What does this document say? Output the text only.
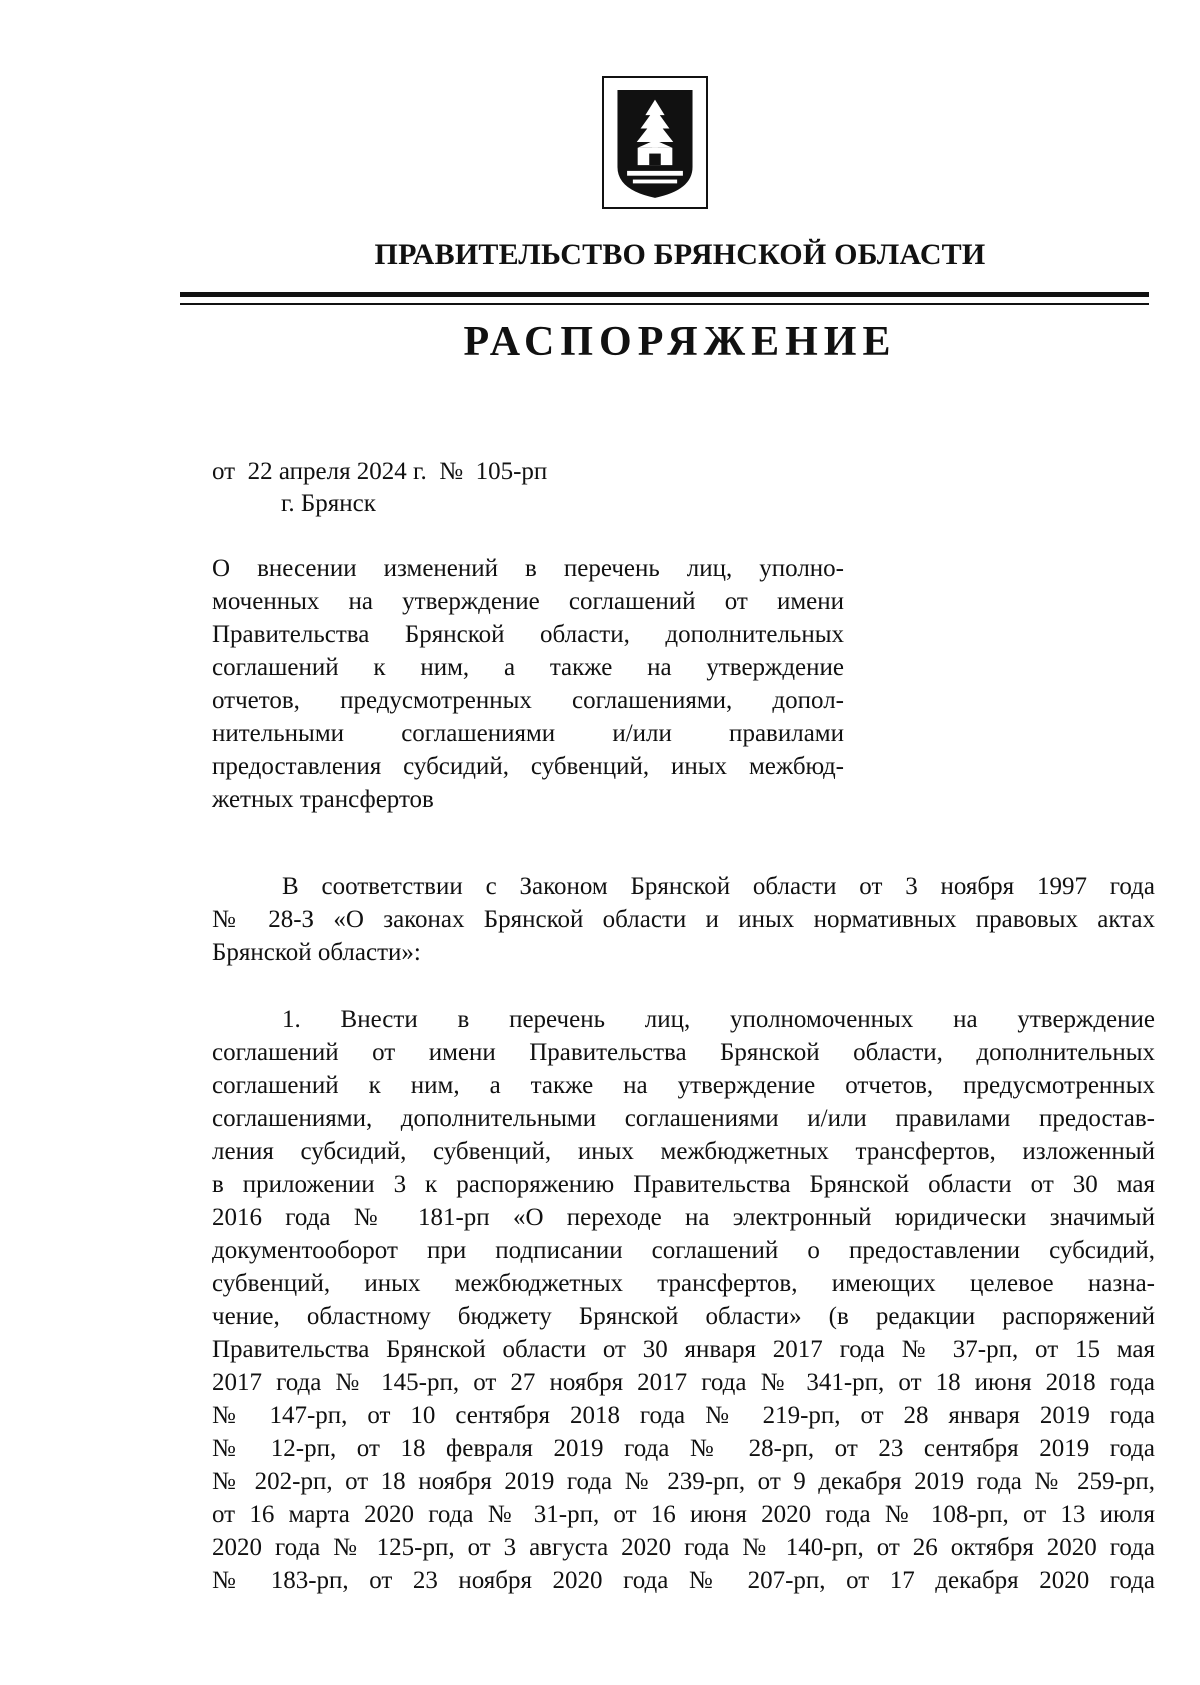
ПРАВИТЕЛЬСТВО БРЯНСКОЙ ОБЛАСТИ
РАСПОРЯЖЕНИЕ
от  22 апреля 2024 г.  №  105-рп
г. Брянск
О внесении изменений в перечень лиц, уполно-
моченных на утверждение соглашений от имени
Правительства Брянской области, дополнительных
соглашений к ним, а также на утверждение
отчетов, предусмотренных соглашениями, допол-
нительными соглашениями и/или правилами
предоставления субсидий, субвенций, иных межбюд-
жетных трансфертов
В соответствии с Законом Брянской области от 3 ноября 1997 года
№ 28-З «О законах Брянской области и иных нормативных правовых актах
Брянской области»:
1. Внести в перечень лиц, уполномоченных на утверждение
соглашений от имени Правительства Брянской области, дополнительных
соглашений к ним, а также на утверждение отчетов, предусмотренных
соглашениями, дополнительными соглашениями и/или правилами предостав-
ления субсидий, субвенций, иных межбюджетных трансфертов, изложенный
в приложении 3 к распоряжению Правительства Брянской области от 30 мая
2016 года № 181-рп «О переходе на электронный юридически значимый
документооборот при подписании соглашений о предоставлении субсидий,
субвенций, иных межбюджетных трансфертов, имеющих целевое назна-
чение, областному бюджету Брянской области» (в редакции распоряжений
Правительства Брянской области от 30 января 2017 года № 37-рп, от 15 мая
2017 года № 145-рп, от 27 ноября 2017 года № 341-рп, от 18 июня 2018 года
№ 147-рп, от 10 сентября 2018 года № 219-рп, от 28 января 2019 года
№ 12-рп, от 18 февраля 2019 года № 28-рп, от 23 сентября 2019 года
№ 202-рп, от 18 ноября 2019 года № 239-рп, от 9 декабря 2019 года № 259-рп,
от 16 марта 2020 года № 31-рп, от 16 июня 2020 года № 108-рп, от 13 июля
2020 года № 125-рп, от 3 августа 2020 года № 140-рп, от 26 октября 2020 года
№ 183-рп, от 23 ноября 2020 года № 207-рп, от 17 декабря 2020 года
